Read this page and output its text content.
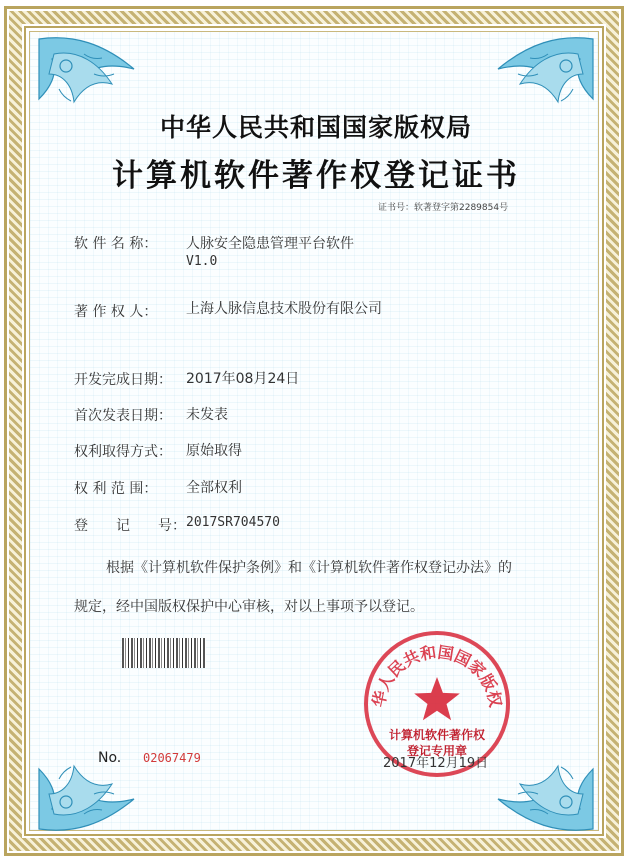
中华人民共和国国家版权局
计算机软件著作权登记证书
证书号：软著登字第2289854号
软 件 名 称： 人脉安全隐患管理平台软件
V1.0
著 作 权 人： 上海人脉信息技术股份有限公司
开发完成日期： 2017年08月24日
首次发表日期： 未发表
权利取得方式： 原始取得
权 利 范 围： 全部权利
登　　记　　号： 2017SR704570
根据《计算机软件保护条例》和《计算机软件著作权登记办法》的
规定，经中国版权保护中心审核，对以上事项予以登记。
No. 02067479
华人民共和国国家版权
计算机软件著作权
登记专用章
2017年12月19日
